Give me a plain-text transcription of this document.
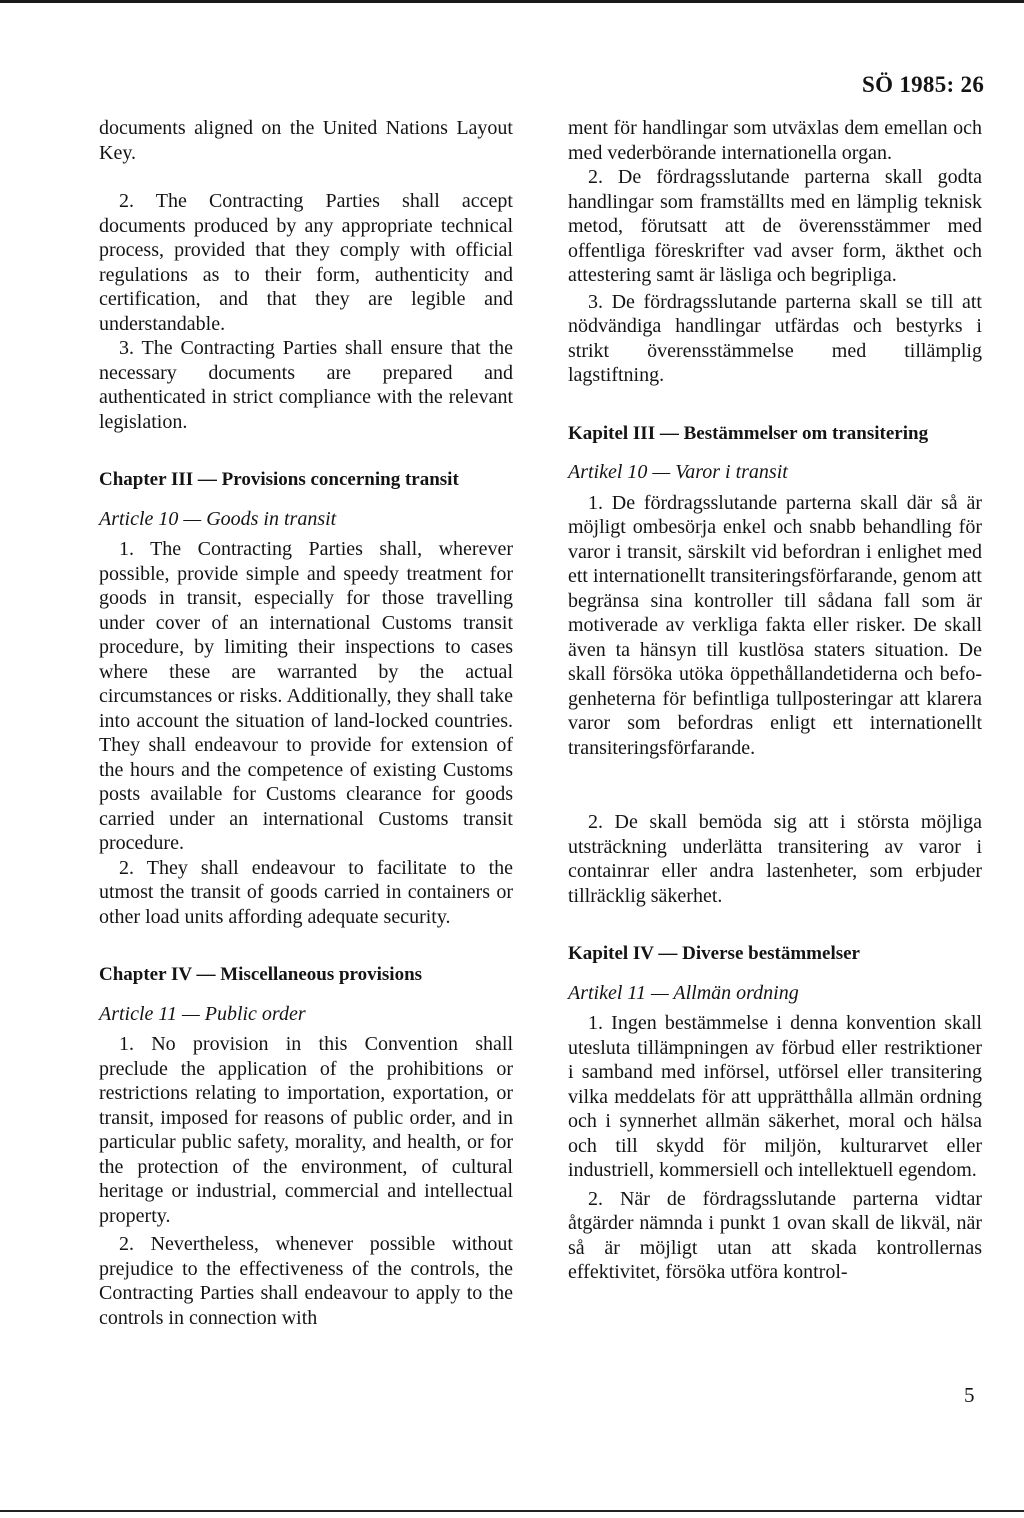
SÖ 1985: 26

documents aligned on the United Nations Layout Key.

2. The Contracting Parties shall accept documents produced by any appropriate technical process, provided that they comply with official regulations as to their form, authenticity and certification, and that they are legible and understandable.

3. The Contracting Parties shall ensure that the necessary documents are prepared and authenticated in strict compliance with the relevant legislation.

Chapter III — Provisions concerning transit

Article 10 — Goods in transit

1. The Contracting Parties shall, wherever possible, provide simple and speedy treatment for goods in transit, especially for those travelling under cover of an international Customs transit procedure, by limiting their inspections to cases where these are warranted by the actual circumstances or risks. Additionally, they shall take into account the situation of land-locked countries. They shall endeavour to provide for extension of the hours and the competence of existing Customs posts available for Customs clearance for goods carried under an international Customs transit procedure.

2. They shall endeavour to facilitate to the utmost the transit of goods carried in containers or other load units affording adequate security.

Chapter IV — Miscellaneous provisions

Article 11 — Public order

1. No provision in this Convention shall preclude the application of the prohibitions or restrictions relating to importation, exportation, or transit, imposed for reasons of public order, and in particular public safety, morality, and health, or for the protection of the environment, of cultural heritage or industrial, commercial and intellectual property.

2. Nevertheless, whenever possible without prejudice to the effectiveness of the controls, the Contracting Parties shall endeavour to apply to the controls in connection with

ment för handlingar som utväxlas dem emellan och med vederbörande internationella organ.

2. De fördragsslutande parterna skall godta handlingar som framställts med en lämplig teknisk metod, förutsatt att de överensstämmer med offentliga föreskrifter vad avser form, äkthet och attestering samt är läsliga och begripliga.

3. De fördragsslutande parterna skall se till att nödvändiga handlingar utfärdas och bestyrks i strikt överensstämmelse med tillämplig lagstiftning.

Kapitel III — Bestämmelser om transitering

Artikel 10 — Varor i transit

1. De fördragsslutande parterna skall där så är möjligt ombesörja enkel och snabb behandling för varor i transit, särskilt vid befordran i enlighet med ett internationellt transiteringsförfarande, genom att begränsa sina kontroller till sådana fall som är motiverade av verkliga fakta eller risker. De skall även ta hänsyn till kustlösa staters situation. De skall försöka utöka öppethållandetiderna och befogenheterna för befintliga tullposteringar att klarera varor som befordras enligt ett internationellt transiteringsförfarande.

2. De skall bemöda sig att i största möjliga utsträckning underlätta transitering av varor i containrar eller andra lastenheter, som erbjuder tillräcklig säkerhet.

Kapitel IV — Diverse bestämmelser

Artikel 11 — Allmän ordning

1. Ingen bestämmelse i denna konvention skall utesluta tillämpningen av förbud eller restriktioner i samband med införsel, utförsel eller transitering vilka meddelats för att upprätthålla allmän ordning och i synnerhet allmän säkerhet, moral och hälsa och till skydd för miljön, kulturarvet eller industriell, kommersiell och intellektuell egendom.

2. När de fördragsslutande parterna vidtar åtgärder nämnda i punkt 1 ovan skall de likväl, när så är möjligt utan att skada kontrollernas effektivitet, försöka utföra kontrol-

5
